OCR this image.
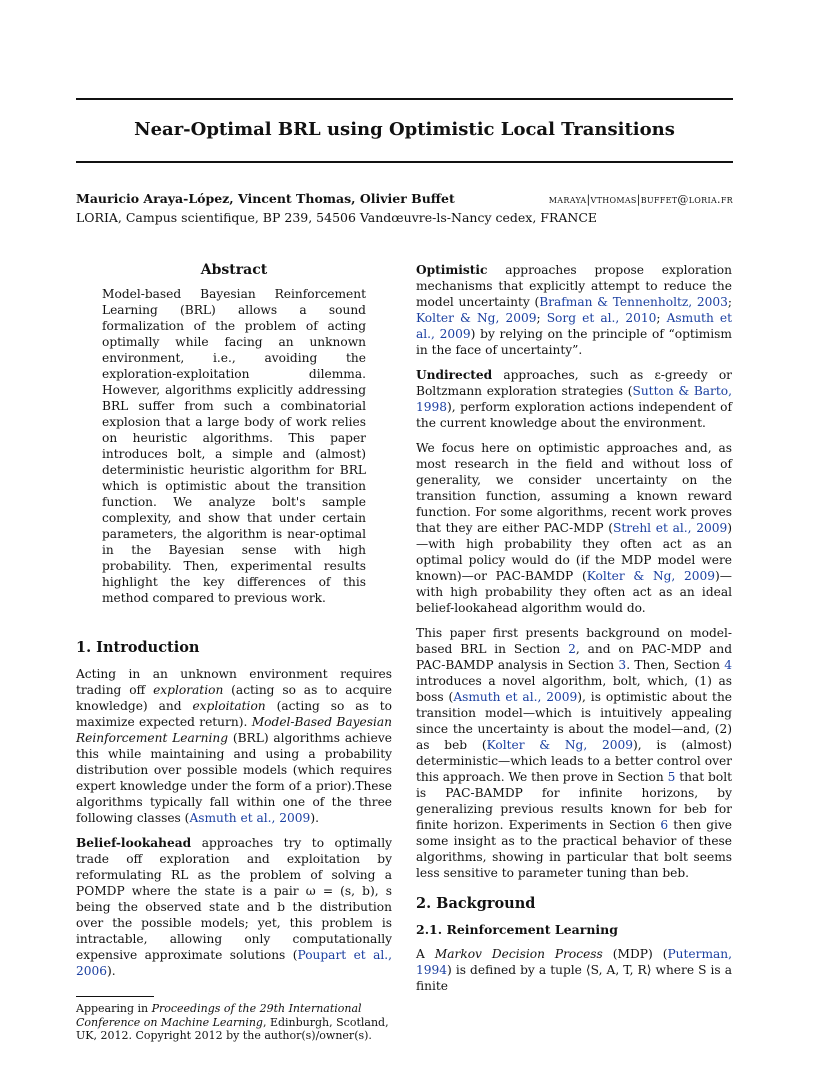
Near-Optimal BRL using Optimistic Local Transitions
Mauricio Araya-López, Vincent Thomas, Olivier Buffet	maraya|vthomas|buffet@loria.fr
LORIA, Campus scientifique, BP 239, 54506 Vandœuvre-ls-Nancy cedex, FRANCE
Abstract
Model-based Bayesian Reinforcement Learning (BRL) allows a sound formalization of the problem of acting optimally while facing an unknown environment, i.e., avoiding the exploration-exploitation dilemma. However, algorithms explicitly addressing BRL suffer from such a combinatorial explosion that a large body of work relies on heuristic algorithms. This paper introduces bolt, a simple and (almost) deterministic heuristic algorithm for BRL which is optimistic about the transition function. We analyze bolt's sample complexity, and show that under certain parameters, the algorithm is near-optimal in the Bayesian sense with high probability. Then, experimental results highlight the key differences of this method compared to previous work.
1. Introduction

Acting in an unknown environment requires trading off exploration (acting so as to acquire knowledge) and exploitation (acting so as to maximize expected return). Model-Based Bayesian Reinforcement Learning (BRL) algorithms achieve this while maintaining and using a probability distribution over possible models (which requires expert knowledge under the form of a prior).These algorithms typically fall within one of the three following classes (Asmuth et al., 2009).

Belief-lookahead approaches try to optimally trade off exploration and exploitation by reformulating RL as the problem of solving a POMDP where the state is a pair ω = (s, b), s being the observed state and b the distribution over the possible models; yet, this problem is intractable, allowing only computationally expensive approximate solutions (Poupart et al., 2006).

Appearing in Proceedings of the 29th International Conference on Machine Learning, Edinburgh, Scotland, UK, 2012. Copyright 2012 by the author(s)/owner(s).

Optimistic approaches propose exploration mechanisms that explicitly attempt to reduce the model uncertainty (Brafman & Tennenholtz, 2003; Kolter & Ng, 2009; Sorg et al., 2010; Asmuth et al., 2009) by relying on the principle of “optimism in the face of uncertainty”.

Undirected approaches, such as ε-greedy or Boltzmann exploration strategies (Sutton & Barto, 1998), perform exploration actions independent of the current knowledge about the environment.

We focus here on optimistic approaches and, as most research in the field and without loss of generality, we consider uncertainty on the transition function, assuming a known reward function. For some algorithms, recent work proves that they are either PAC-MDP (Strehl et al., 2009)—with high probability they often act as an optimal policy would do (if the MDP model were known)—or PAC-BAMDP (Kolter & Ng, 2009)—with high probability they often act as an ideal belief-lookahead algorithm would do.

This paper first presents background on model-based BRL in Section 2, and on PAC-MDP and PAC-BAMDP analysis in Section 3. Then, Section 4 introduces a novel algorithm, bolt, which, (1) as boss (Asmuth et al., 2009), is optimistic about the transition model—which is intuitively appealing since the uncertainty is about the model—and, (2) as beb (Kolter & Ng, 2009), is (almost) deterministic—which leads to a better control over this approach. We then prove in Section 5 that bolt is PAC-BAMDP for infinite horizons, by generalizing previous results known for beb for finite horizon. Experiments in Section 6 then give some insight as to the practical behavior of these algorithms, showing in particular that bolt seems less sensitive to parameter tuning than beb.

2. Background
2.1. Reinforcement Learning

A Markov Decision Process (MDP) (Puterman, 1994) is defined by a tuple ⟨S, A, T, R⟩ where S is a finite
